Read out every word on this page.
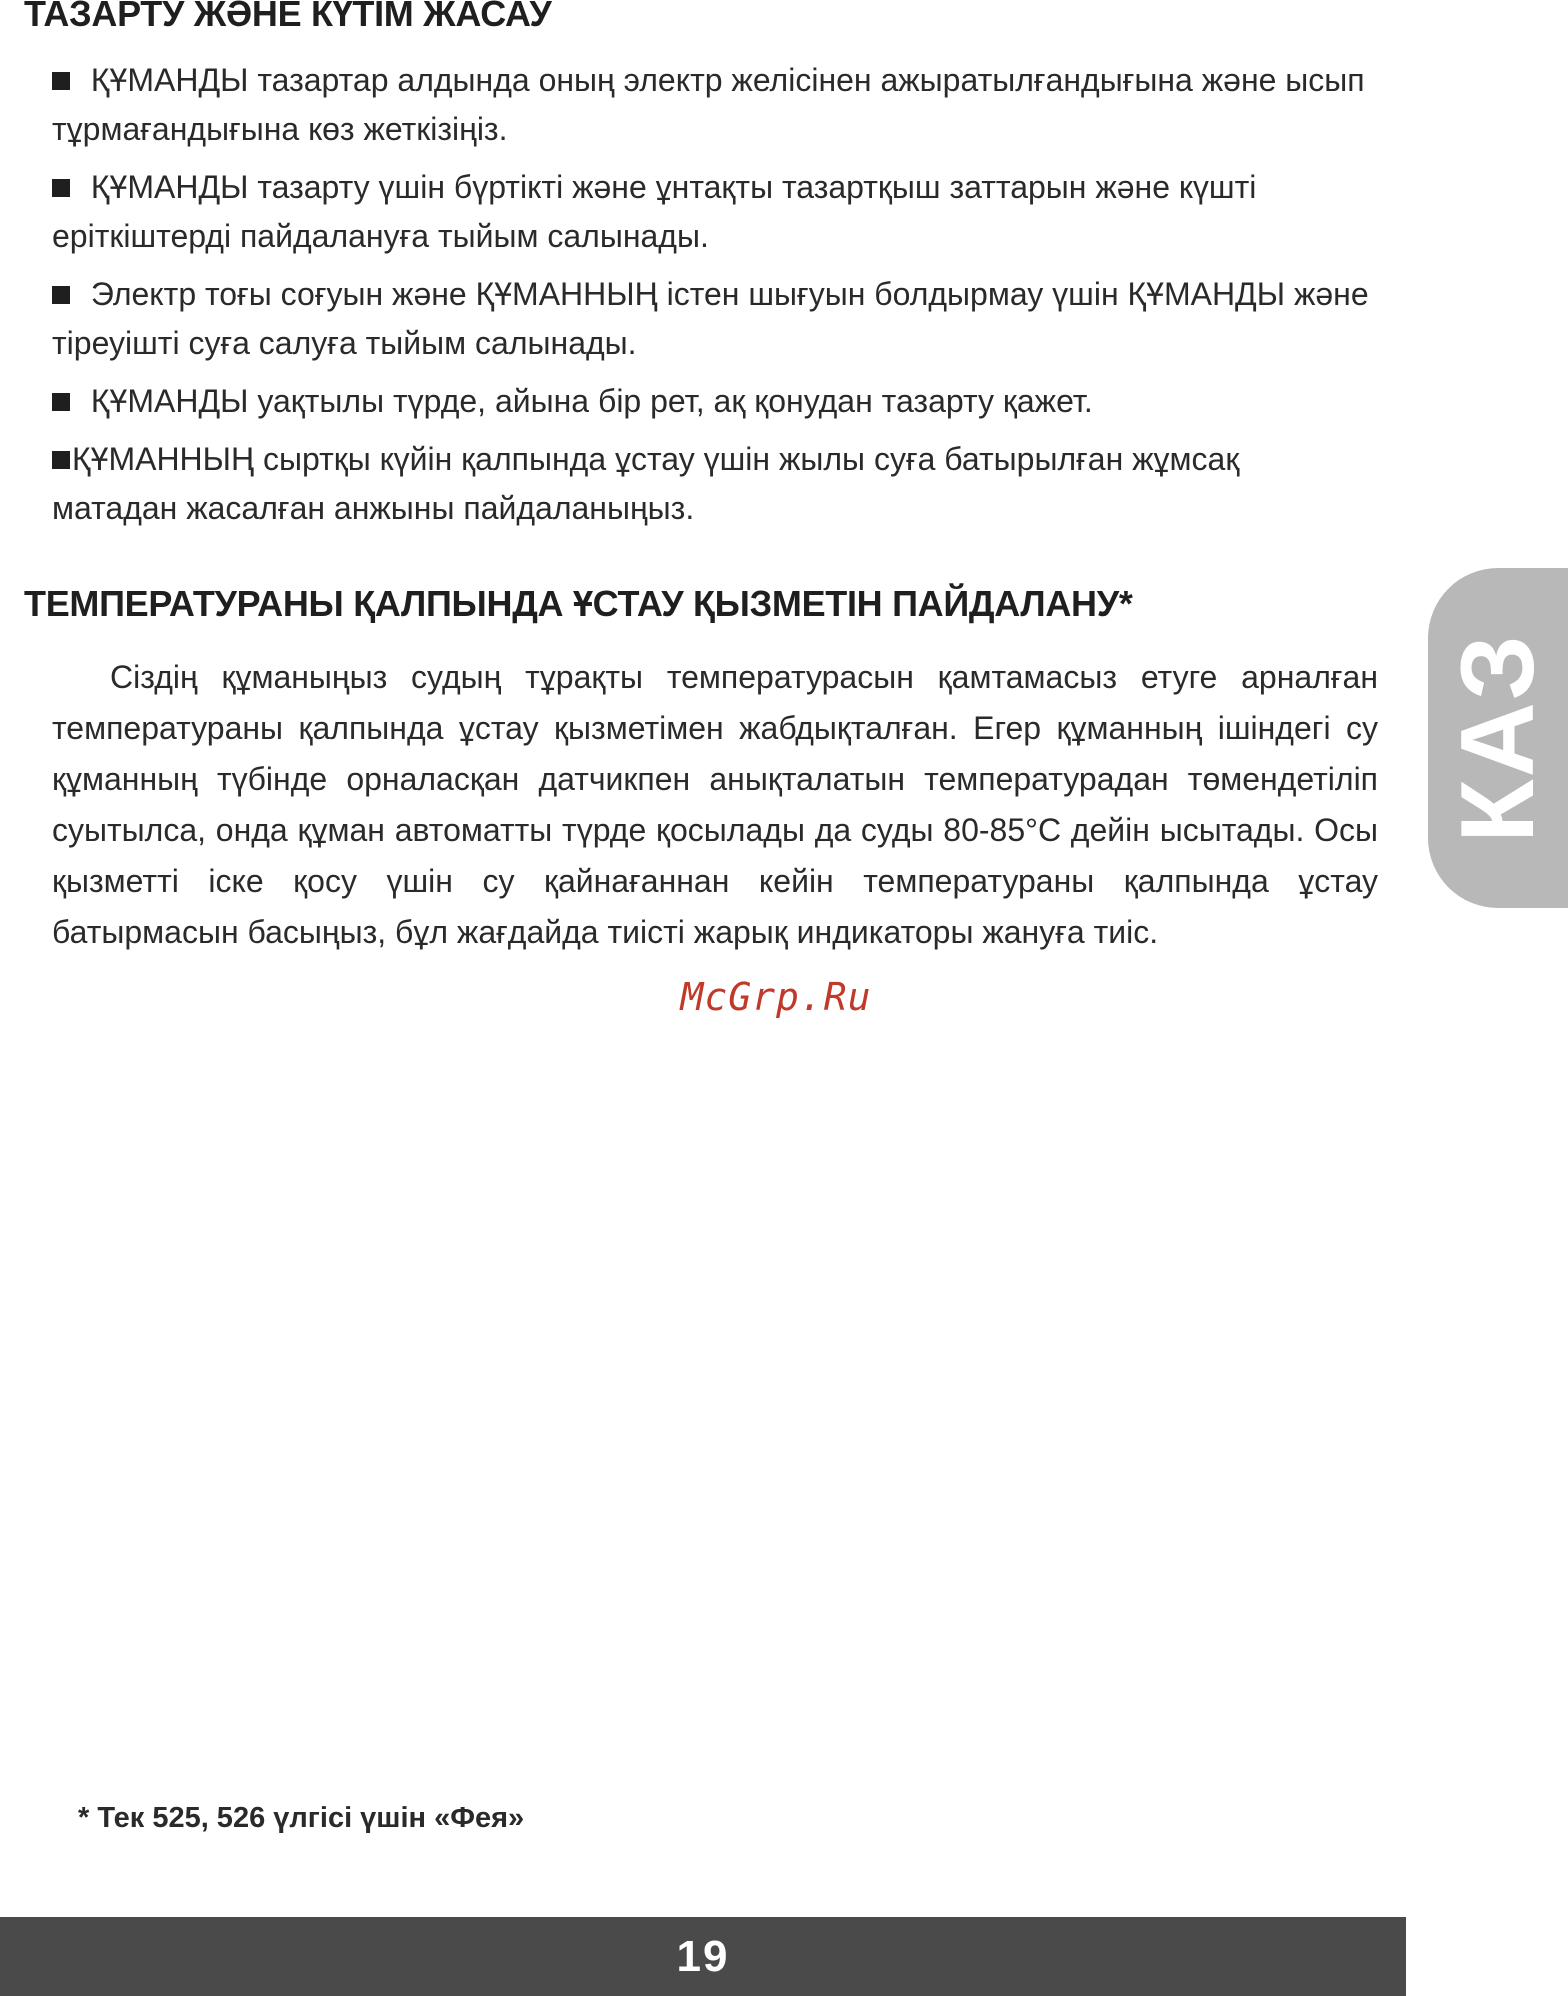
ТАЗАРТУ ЖӘНЕ КҮТІМ ЖАСАУ
ҚҰМАНДЫ тазартар алдында оның электр желісінен ажыратылғандығына және ысып тұрмағандығына көз жеткізіңіз.
ҚҰМАНДЫ тазарту үшін бүртікті және ұнтақты тазартқыш заттарын және күшті еріткіштерді пайдалануға тыйым салынады.
Электр тоғы соғуын және ҚҰМАННЫҢ істен шығуын болдырмау үшін ҚҰМАНДЫ және тіреуішті суға салуға тыйым салынады.
ҚҰМАНДЫ уақтылы түрде, айына бір рет, ақ қонудан тазарту қажет.
ҚҰМАННЫҢ сыртқы күйін қалпында ұстау үшін жылы суға батырылған жұмсақ матадан жасалған анжыны пайдаланыңыз.
ТЕМПЕРАТУРАНЫ ҚАЛПЫНДА ҰСТАУ ҚЫЗМЕТІН ПАЙДАЛАНУ*

Сіздің құманыңыз судың тұрақты температурасын қамтамасыз етуге арналған температураны қалпында ұстау қызметімен жабдықталған. Егер құманның ішіндегі су құманның түбінде орналасқан датчикпен анықталатын температурадан төмендетіліп суытылса, онда құман автоматты түрде қосылады да суды 80-85°С дейін ысытады. Осы қызметті іске қосу үшін су қайнағаннан кейін температураны қалпында ұстау батырмасын басыңыз, бұл жағдайда тиісті жарық индикаторы жануға тиіс.

McGrp.Ru
КАЗ

* Тек 525, 526 үлгісі үшін «Фея»

19
